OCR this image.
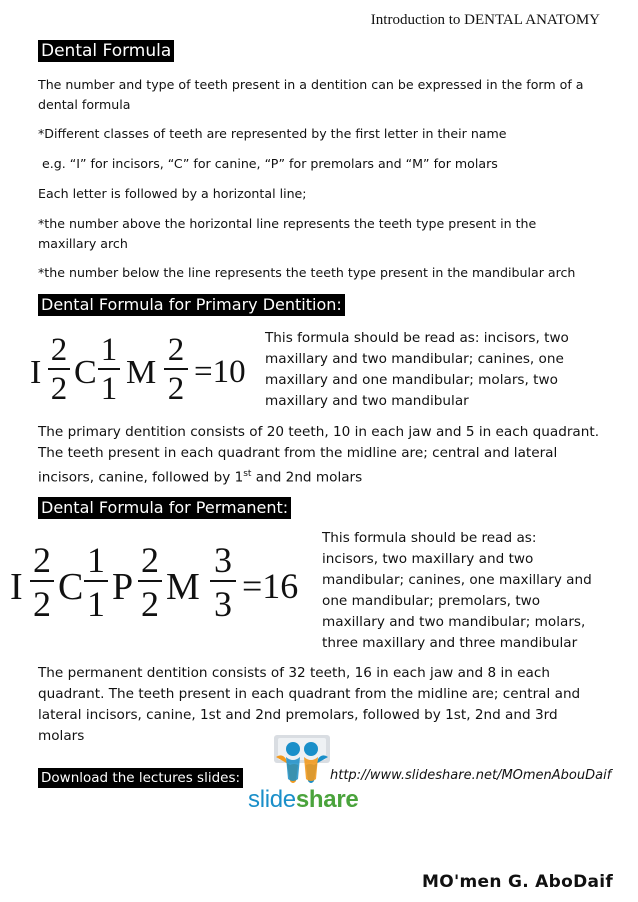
Introduction to DENTAL ANATOMY
Dental Formula
The number and type of teeth present in a dentition can be expressed in the form of a dental formula
*Different classes of teeth are represented by the first letter in their name
e.g. “I” for incisors, “C” for canine, “P” for premolars and “M” for molars
Each letter is followed by a horizontal line;
*the number above the horizontal line represents the teeth type present in the maxillary arch
*the number below the line represents the teeth type present in the mandibular arch
Dental Formula for Primary Dentition:
I
2
2 C
1
1 M
2
2 =10
This formula should be read as: incisors, two maxillary and two mandibular; canines, one maxillary and one mandibular; molars, two maxillary and two mandibular
The primary dentition consists of 20 teeth, 10 in each jaw and 5 in each quadrant. The teeth present in each quadrant from the midline are; central and lateral incisors, canine, followed by 1st and 2nd molars
Dental Formula for Permanent:
I
2
2 C
1
1 P
2
2 M
3
3 =16
This formula should be read as: incisors, two maxillary and two mandibular; canines, one maxillary and one mandibular; premolars, two maxillary and two mandibular; molars, three maxillary and three mandibular
The permanent dentition consists of 32 teeth, 16 in each jaw and 8 in each quadrant. The teeth present in each quadrant from the midline are; central and lateral incisors, canine, 1st and 2nd premolars, followed by 1st, 2nd and 3rd molars
Download the lectures slides:
slideshare
http://www.slideshare.net/MOmenAbouDaif
MO'men G. AboDaif
